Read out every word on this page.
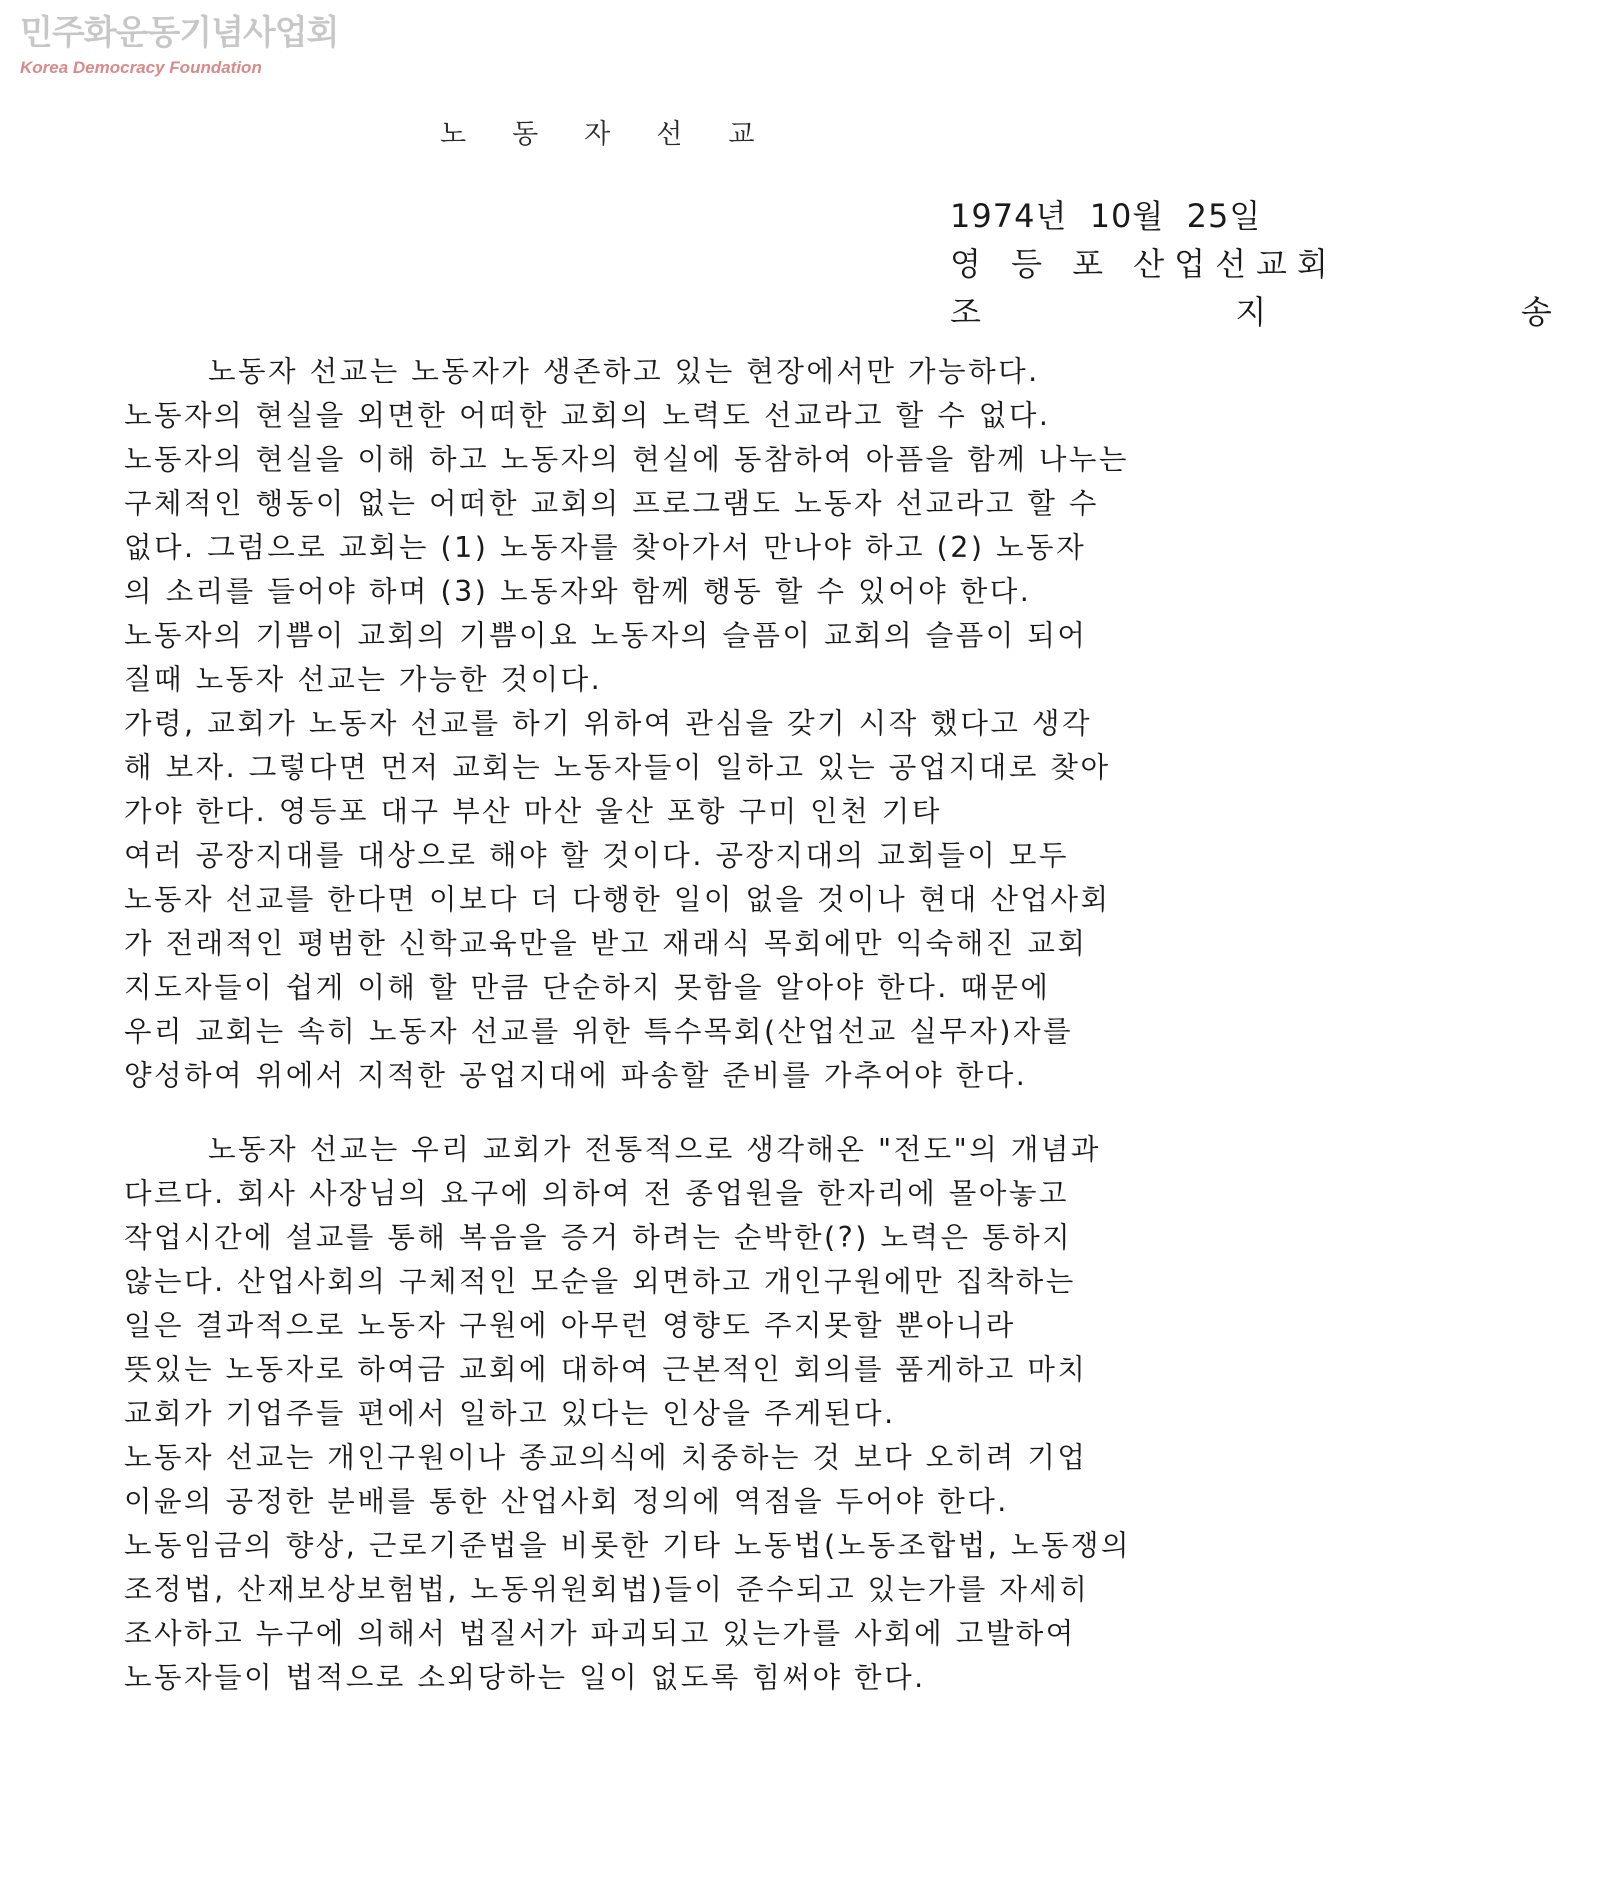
민주화운동기념사업회
Korea Democracy Foundation
노동자선교
1974년  10월  25일
영 등 포 산업선교회
조   지   송
노동자 선교는 노동자가 생존하고 있는 현장에서만 가능하다.
노동자의 현실을 외면한 어떠한 교회의 노력도 선교라고 할 수 없다.
노동자의 현실을 이해 하고 노동자의 현실에 동참하여 아픔을 함께 나누는
구체적인 행동이 없는 어떠한 교회의 프로그램도 노동자 선교라고 할 수
없다. 그럼으로 교회는 (1) 노동자를 찾아가서 만나야 하고 (2) 노동자
의 소리를 들어야 하며 (3) 노동자와 함께 행동 할 수 있어야 한다.
노동자의 기쁨이 교회의 기쁨이요 노동자의 슬픔이 교회의 슬픔이 되어
질때 노동자 선교는 가능한 것이다.
가령, 교회가 노동자 선교를 하기 위하여 관심을 갖기 시작 했다고 생각
해 보자. 그렇다면 먼저 교회는 노동자들이 일하고 있는 공업지대로 찾아
가야 한다. 영등포 대구 부산 마산 울산 포항 구미 인천 기타
여러 공장지대를 대상으로 해야 할 것이다. 공장지대의 교회들이 모두
노동자 선교를 한다면 이보다 더 다행한 일이 없을 것이나 현대 산업사회
가 전래적인 평범한 신학교육만을 받고 재래식 목회에만 익숙해진 교회
지도자들이 쉽게 이해 할 만큼 단순하지 못함을 알아야 한다. 때문에
우리 교회는 속히 노동자 선교를 위한 특수목회(산업선교 실무자)자를
양성하여 위에서 지적한 공업지대에 파송할 준비를 가추어야 한다.
노동자 선교는 우리 교회가 전통적으로 생각해온 "전도"의 개념과
다르다. 회사 사장님의 요구에 의하여 전 종업원을 한자리에 몰아놓고
작업시간에 설교를 통해 복음을 증거 하려는 순박한(?) 노력은 통하지
않는다. 산업사회의 구체적인 모순을 외면하고 개인구원에만 집착하는
일은 결과적으로 노동자 구원에 아무런 영향도 주지못할 뿐아니라
뜻있는 노동자로 하여금 교회에 대하여 근본적인 회의를 품게하고 마치
교회가 기업주들 편에서 일하고 있다는 인상을 주게된다.
노동자 선교는 개인구원이나 종교의식에 치중하는 것 보다 오히려 기업
이윤의 공정한 분배를 통한 산업사회 정의에 역점을 두어야 한다.
노동임금의 향상, 근로기준법을 비롯한 기타 노동법(노동조합법, 노동쟁의
조정법, 산재보상보험법, 노동위원회법)들이 준수되고 있는가를 자세히
조사하고 누구에 의해서 법질서가 파괴되고 있는가를 사회에 고발하여
노동자들이 법적으로 소외당하는 일이 없도록 힘써야 한다.
